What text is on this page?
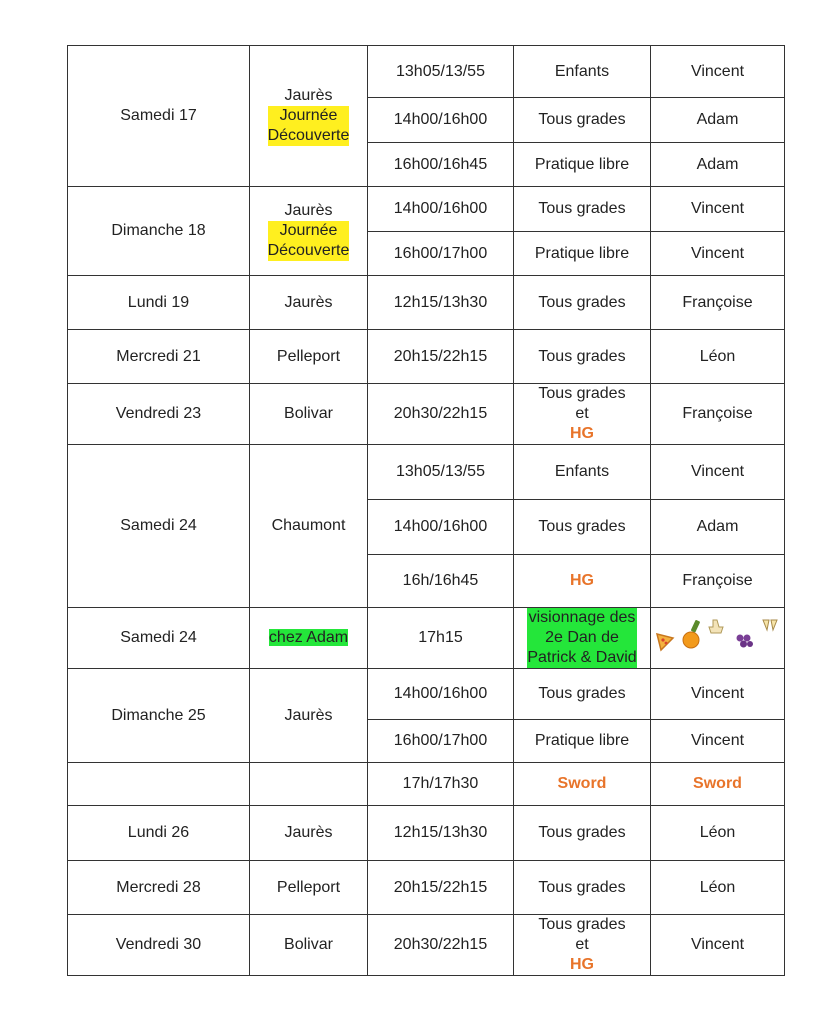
Samedi 17	Jaurès
Journée
Découverte	13h05/13/55	Enfants	Vincent
		14h00/16h00	Tous grades	Adam
		16h00/16h45	Pratique libre	Adam
Dimanche 18	Jaurès
Journée
Découverte	14h00/16h00	Tous grades	Vincent
		16h00/17h00	Pratique libre	Vincent
Lundi 19	Jaurès	12h15/13h30	Tous grades	Françoise
Mercredi 21	Pelleport	20h15/22h15	Tous grades	Léon
Vendredi 23	Bolivar	20h30/22h15	Tous grades
et
HG	Françoise
Samedi 24	Chaumont	13h05/13/55	Enfants	Vincent
		14h00/16h00	Tous grades	Adam
		16h/16h45	HG	Françoise
Samedi 24	chez Adam	17h15	visionnage des
2e Dan de
Patrick & David

Dimanche 25	Jaurès	14h00/16h00	Tous grades	Vincent
		16h00/17h00	Pratique libre	Vincent
		17h/17h30	Sword	Sword
Lundi 26	Jaurès	12h15/13h30	Tous grades	Léon
Mercredi 28	Pelleport	20h15/22h15	Tous grades	Léon
Vendredi 30	Bolivar	20h30/22h15	Tous grades
et
HG	Vincent
